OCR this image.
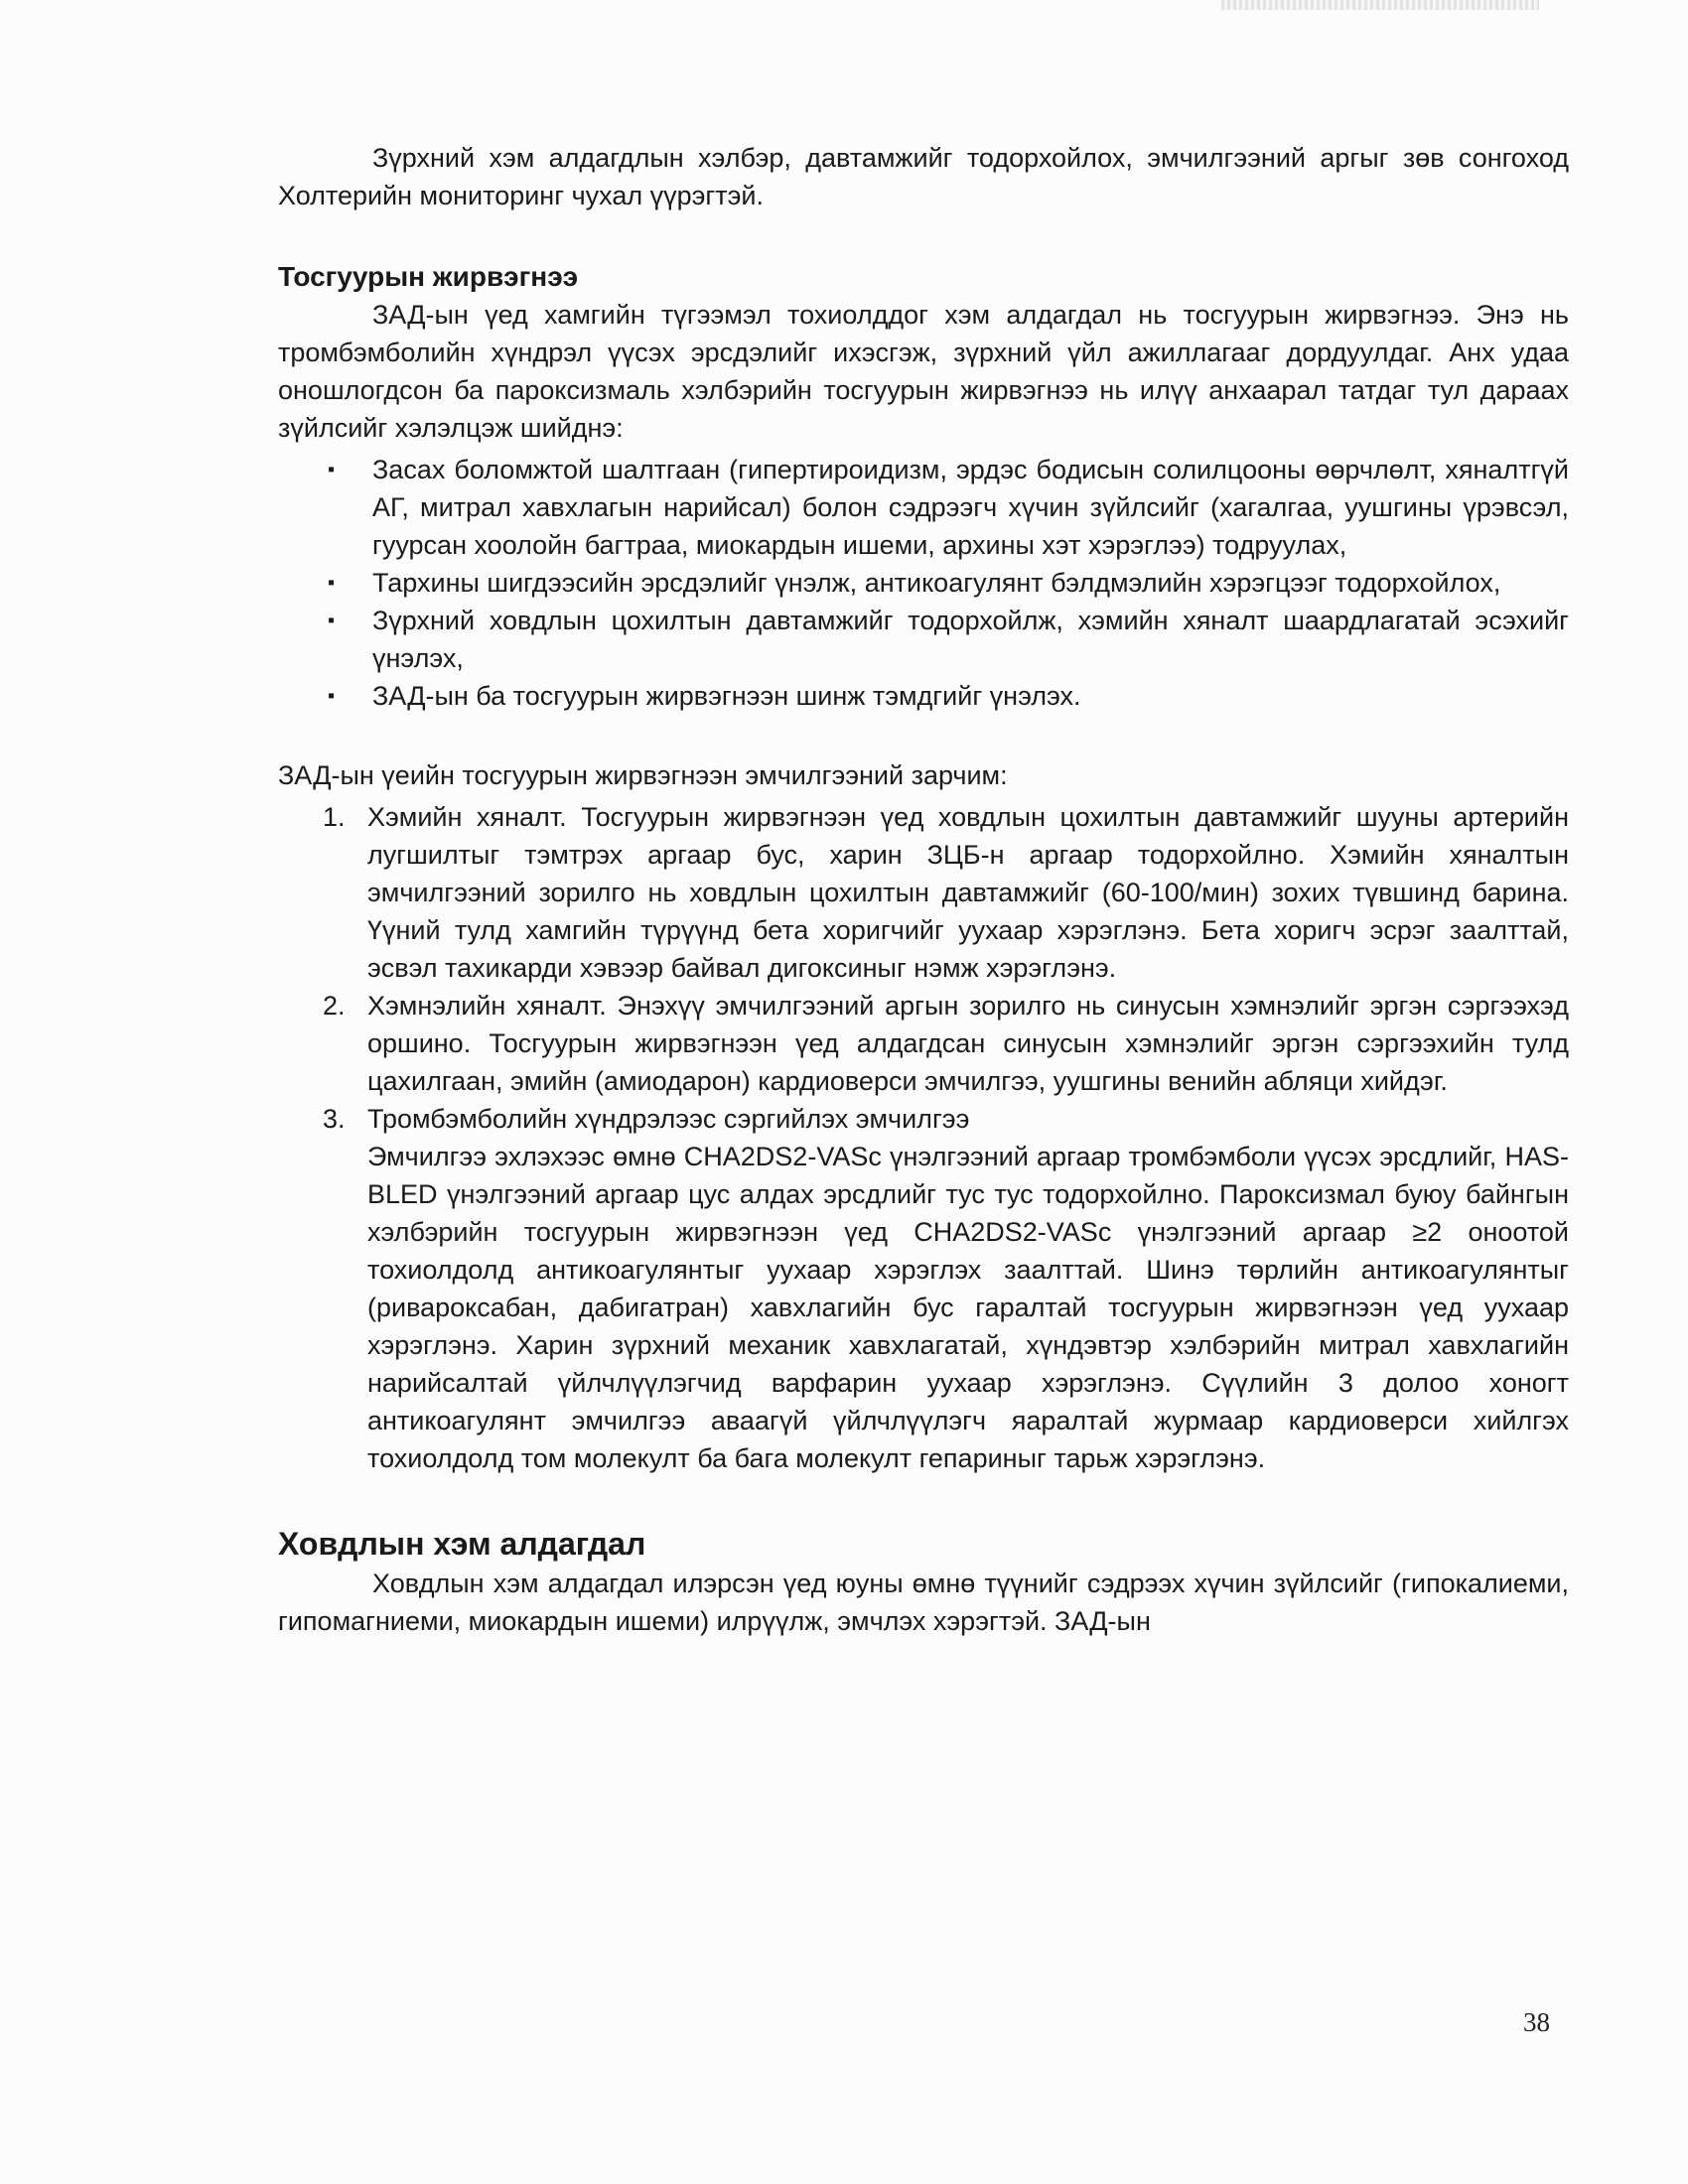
Зүрхний хэм алдагдлын хэлбэр, давтамжийг тодорхойлох, эмчилгээний аргыг зөв сонгоход Холтерийн мониторинг чухал үүрэгтэй.

Тосгуурын жирвэгнээ

ЗАД-ын үед хамгийн түгээмэл тохиолддог хэм алдагдал нь тосгуурын жирвэгнээ. Энэ нь тромбэмболийн хүндрэл үүсэх эрсдэлийг ихэсгэж, зүрхний үйл ажиллагааг дордуулдаг. Анх удаа оношлогдсон ба пароксизмаль хэлбэрийн тосгуурын жирвэгнээ нь илүү анхаарал татдаг тул дараах зүйлсийг хэлэлцэж шийднэ:

▪ Засах боломжтой шалтгаан (гипертироидизм, эрдэс бодисын солилцооны өөрчлөлт, хяналтгүй АГ, митрал хавхлагын нарийсал) болон сэдрээгч хүчин зүйлсийг (хагалгаа, уушгины үрэвсэл, гуурсан хоолойн багтраа, миокардын ишеми, архины хэт хэрэглээ) тодруулах,
▪ Тархины шигдээсийн эрсдэлийг үнэлж, антикоагулянт бэлдмэлийн хэрэгцээг тодорхойлох,
▪ Зүрхний ховдлын цохилтын давтамжийг тодорхойлж, хэмийн хяналт шаардлагатай эсэхийг үнэлэх,
▪ ЗАД-ын ба тосгуурын жирвэгнээн шинж тэмдгийг үнэлэх.

ЗАД-ын үеийн тосгуурын жирвэгнээн эмчилгээний зарчим:

1. Хэмийн хяналт. Тосгуурын жирвэгнээн үед ховдлын цохилтын давтамжийг шууны артерийн лугшилтыг тэмтрэх аргаар бус, харин ЗЦБ-н аргаар тодорхойлно. Хэмийн хяналтын эмчилгээний зорилго нь ховдлын цохилтын давтамжийг (60-100/мин) зохих түвшинд барина. Үүний тулд хамгийн түрүүнд бета хоригчийг уухаар хэрэглэнэ. Бета хоригч эсрэг заалттай, эсвэл тахикарди хэвээр байвал дигоксиныг нэмж хэрэглэнэ.
2. Хэмнэлийн хяналт. Энэхүү эмчилгээний аргын зорилго нь синусын хэмнэлийг эргэн сэргээхэд оршино. Тосгуурын жирвэгнээн үед алдагдсан синусын хэмнэлийг эргэн сэргээхийн тулд цахилгаан, эмийн (амиодарон) кардиоверси эмчилгээ, уушгины венийн абляци хийдэг.
3. Тромбэмболийн хүндрэлээс сэргийлэх эмчилгээ
Эмчилгээ эхлэхээс өмнө CHA2DS2-VASc үнэлгээний аргаар тромбэмболи үүсэх эрсдлийг, HAS-BLED үнэлгээний аргаар цус алдах эрсдлийг тус тус тодорхойлно. Пароксизмал буюу байнгын хэлбэрийн тосгуурын жирвэгнээн үед CHA2DS2-VASc үнэлгээний аргаар ≥2 оноотой тохиолдолд антикоагулянтыг уухаар хэрэглэх заалттай. Шинэ төрлийн антикоагулянтыг (ривароксабан, дабигатран) хавхлагийн бус гаралтай тосгуурын жирвэгнээн үед уухаар хэрэглэнэ. Харин зүрхний механик хавхлагатай, хүндэвтэр хэлбэрийн митрал хавхлагийн нарийсалтай үйлчлүүлэгчид варфарин уухаар хэрэглэнэ. Сүүлийн 3 долоо хоногт антикоагулянт эмчилгээ аваагүй үйлчлүүлэгч яаралтай журмаар кардиоверси хийлгэх тохиолдолд том молекулт ба бага молекулт гепариныг тарьж хэрэглэнэ.

Ховдлын хэм алдагдал

Ховдлын хэм алдагдал илэрсэн үед юуны өмнө түүнийг сэдрээх хүчин зүйлсийг (гипокалиеми, гипомагниеми, миокардын ишеми) илрүүлж, эмчлэх хэрэгтэй. ЗАД-ын

38
